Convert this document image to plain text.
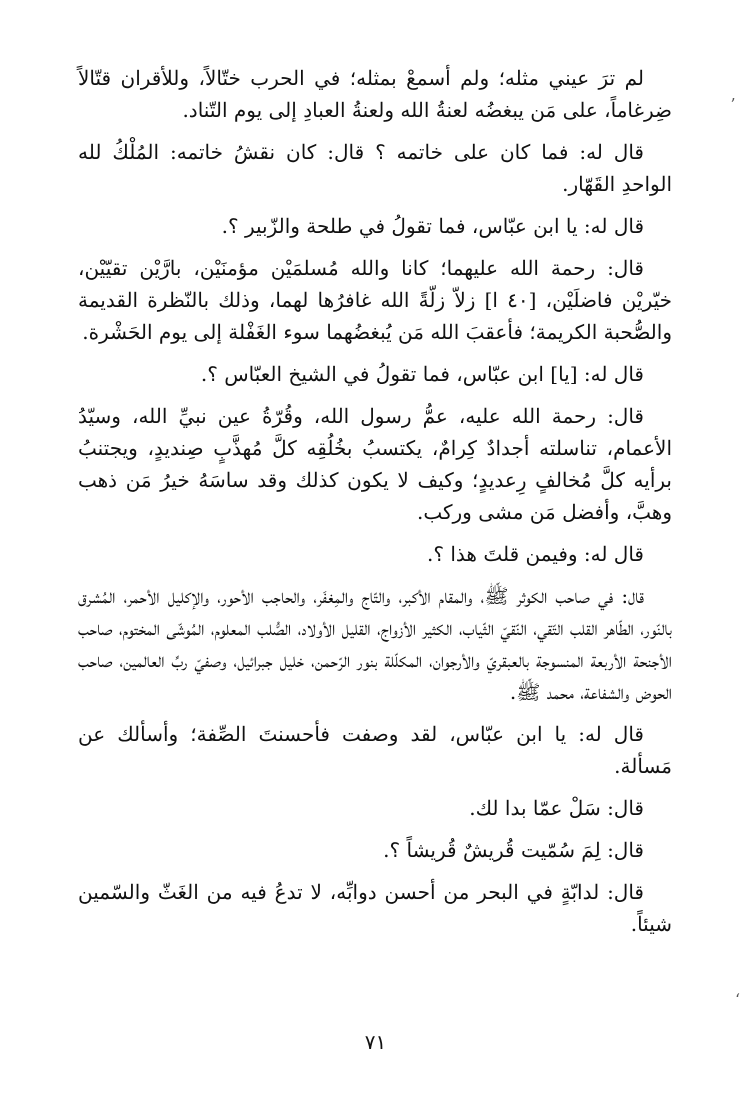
لم ترَ عيني مثله؛ ولم أسمعْ بمثله؛ في الحرب ختّالاً، وللأقران قتّالاً ضِرغاماً، على مَن يبغضُه لعنةُ الله ولعنةُ العبادِ إلى يوم التّناد.

قال له: فما كان على خاتمه ؟ قال: كان نقشُ خاتمه: المُلْكُ لله الواحدِ القَهّار.

قال له: يا ابن عبّاس، فما تقولُ في طلحة والزّبير ؟.

قال: رحمة الله عليهما؛ كانا والله مُسلمَيْن مؤمنَيْن، بارَّيْن تقيّيْن، خيّريْن فاضلَيْن، [٤٠ ا] زلاّ زلّةً الله غافرُها لهما، وذلك بالنّظرة القديمة والصُّحبة الكريمة؛ فأعقبَ الله مَن يُبغضُهما سوء الغَفْلة إلى يوم الحَشْرة.

قال له: [يا] ابن عبّاس، فما تقولُ في الشيخ العبّاس ؟.

قال: رحمة الله عليه، عمُّ رسول الله، وقُرّةُ عين نبيِّ الله، وسيّدُ الأعمام، تناسلته أجدادٌ كِرامٌ، يكتسبُ بخُلُقِه كلَّ مُهذَّبٍ صِنديدٍ، ويجتنبُ برأيه كلَّ مُخالفٍ رِعديدٍ؛ وكيف لا يكون كذلك وقد ساسَهُ خيرُ مَن ذهب وهبَّ، وأفضل مَن مشى وركب.

قال له: وفيمن قلتَ هذا ؟.

قال: في صاحب الكوثر ﷺ، والمقام الأكبر، والتّاج والمِغفَر، والحاجب الأحور، والإكليل الأحمر، المُشرق بالنّور، الطّاهر القلب التّقي، النّقيّ الثّياب، الكثير الأزواج، القليل الأولاد، الصُّلب المعلوم، المُوشّى المختوم، صاحب الأجنحة الأربعة المنسوجة بالعبقريّ والأرجوان، المكلّلة بنور الرّحمن، خليل جبرائيل، وصفيّ ربِّ العالمين، صاحب الحوض والشفاعة، محمد ﷺ.

قال له: يا ابن عبّاس، لقد وصفت فأحسنتَ الصِّفة؛ وأسألك عن مَسألة.

قال: سَلْ عمّا بدا لك.

قال: لِمَ سُمّيت قُريشٌ قُريشاً ؟.

قال: لدابّةٍ في البحر من أحسن دوابِّه، لا تدعُ فيه من الغَثّ والسّمين شيئاً.

٧١
ʼ
ʻ
